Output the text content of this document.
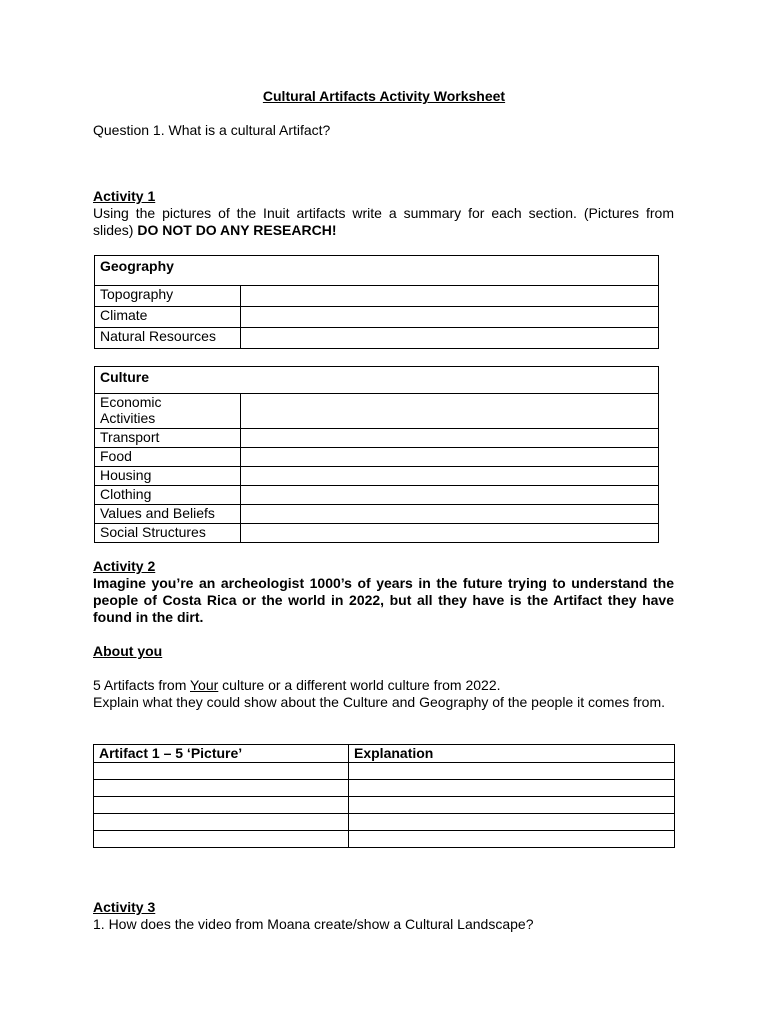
Cultural Artifacts Activity Worksheet
Question 1. What is a cultural Artifact?
Activity 1
Using the pictures of the Inuit artifacts write a summary for each section. (Pictures from slides) DO NOT DO ANY RESEARCH!
Geography	
Topography	
Climate	
Natural Resources	
Culture	
Economic Activities	
Transport	
Food	
Housing	
Clothing	
Values and Beliefs	
Social Structures	
Activity 2
Imagine you’re an archeologist 1000’s of years in the future trying to understand the people of Costa Rica or the world in 2022, but all they have is the Artifact they have found in the dirt.
About you
5 Artifacts from Your culture or a different world culture from 2022.
Explain what they could show about the Culture and Geography of the people it comes from.
Artifact 1 – 5 ‘Picture’	Explanation

Activity 3
1. How does the video from Moana create/show a Cultural Landscape?
